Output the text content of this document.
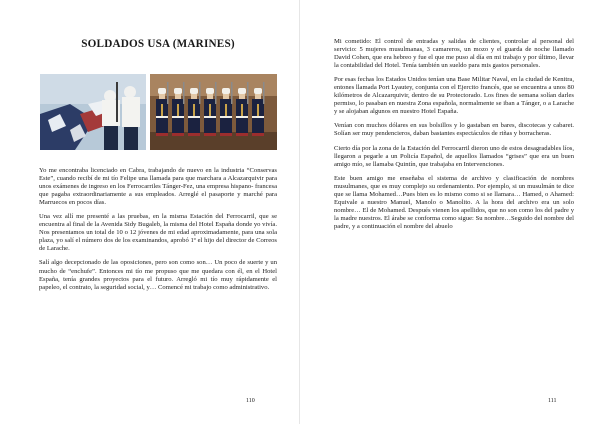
SOLDADOS USA (MARINES)

Yo me encontraba licenciado en Cabra, trabajando de nuevo en la industria “Conservas Este”, cuando recibí de mi tío Felipe una llamada para que marchara a Alcazarquivir para unos exámenes de ingreso en los Ferrocarriles Tánger-Fez, una empresa hispano- francesa que pagaba extraordinariamente a sus empleados. Arreglé el pasaporte y marché para Marruecos en pocos días.

Una vez allí me presenté a las pruebas, en la misma Estación del Ferrocarril, que se encuentra al final de la Avenida Sidy Bugaleb, la misma del Hotel España donde yo vivía. Nos presentamos un total de 10 o 12 jóvenes de mi edad aproximadamente, para una sola plaza, yo salí el número dos de los examinandos, aprobó 1º el hijo del director de Correos de Larache.

Salí algo decepcionado de las oposiciones, pero son como son… Un poco de suerte y un mucho de “enchufe”. Entonces mi tío me propuso que me quedara con él, en el Hotel España, tenía grandes proyectos para el futuro. Arregló mi tío muy rápidamente el papeleo, el contrato, la seguridad social, y… Comencé mi trabajo como administrativo.

110

Mi cometido: El control de entradas y salidas de clientes, controlar al personal del servicio: 5 mujeres musulmanas, 3 camareros, un mozo y el guarda de noche llamado David Cohen, que era hebreo y fue el que me puso al día en mi trabajo y por último, llevar la contabilidad del Hotel. Tenía también un sueldo para mis gastos personales.

Por esas fechas los Estados Unidos tenían una Base Militar Naval, en la ciudad de Kenitra, entones llamada Port Lyautey, conjunta con el Ejercito francés, que se encuentra a unos 80 kilómetros de Alcazarquivir, dentro de su Protectorado. Los fines de semana solían darles permiso, lo pasaban en nuestra Zona española, normalmente se iban a Tánger, o a Larache y se alojaban algunos en nuestro Hotel España.

Venían con muchos dólares en sus bolsillos y lo gastaban en bares, discotecas y cabaret. Solían ser muy pendencieros, daban bastantes espectáculos de riñas y borracheras.

Cierto día por la zona de la Estación del Ferrocarril dieron uno de estos desagradables líos, llegaron a pegarle a un Policía Español, de aquellos llamados “grises” que era un buen amigo mío, se llamaba Quintín, que trabajaba en Intervenciones.

Este buen amigo me enseñaba el sistema de archivo y clasificación de nombres musulmanes, que es muy complejo su ordenamiento. Por ejemplo, si un musulmán te dice que se llama Mohamed…Pues bien es lo mismo como si se llamara… Hamed, o Ahamed: Equivale a nuestro Manuel, Manolo o Manolito. A la hora del archivo era un solo nombre… El de Mohamed. Después vienen los apellidos, que no son como los del padre y la madre nuestros. El árabe se conforma como sigue: Su nombre…Seguido del nombre del padre, y a continuación el nombre del abuelo

111
